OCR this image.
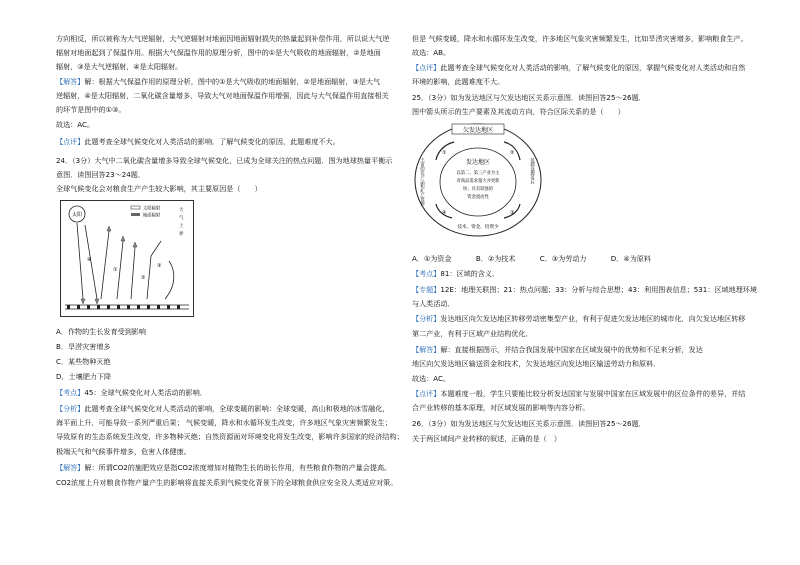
方向相反，所以被称为大气逆辐射，大气逆辐射对地面因地面辐射损失的热量起到补偿作用，所以说大气逆
辐射对地面起到了保温作用。根据大气保温作用的原理分析，图中的①是大气吸收的地面辐射，②是地面
辐射，③是大气逆辐射，④是太阳辐射。
【解答】解：根据大气保温作用的原理分析，图中的①是大气吸收的地面辐射，②是地面辐射，③是大气
逆辐射，④是太阳辐射，二氧化碳含量增多，导致大气对地面保温作用增强，因此与大气保温作用直接相关
的环节是图中的①③。
故选：AC。
【点评】此题考查全球气候变化对人类活动的影响．了解气候变化的原因，此题难度不大。
24．（3分）大气中二氧化碳含量增多导致全球气候变化，已成为全球关注的热点问题．图为地球热量平衡示
意图．读图回答23～24题．
全球气候变化会对粮食生产产生较大影响，其主要原因是（　　）
太阳
太阳辐射
地面辐射
大
气
上
界
①
②
③
④
A．作物的生长发育受到影响
B．旱涝灾害增多
C．某些物种灭绝
D．土壤肥力下降
【考点】45：全球气候变化对人类活动的影响．
【分析】此题考查全球气候变化对人类活动的影响，全球变暖的影响：全球变暖，高山和极地的冰雪融化，
海平面上升，可能导致一系列严重后果； 气候变暖，降水和水循环发生改变，许多地区气象灾害频繁发生；
导致原有的生态系统发生改变，许多物种灭绝；自然资源面对环境变化将发生改变，影响许多国家的经济结构；
极端天气和气候事件增多，危害人体健康。
【解答】解：所谓CO2的施肥效应是指CO2浓度增加对植物生长的助长作用，有些粮食作物的产量会提高。
CO2浓度上升对粮食作物产量产生的影响将直接关系到气候变化背景下的全球粮食供应安全及人类适应对策。
但是 气候变暖，降水和水循环发生改变，许多地区气象灾害频繁发生，比如旱涝灾害增多，影响粮食生产。
故选：AB。
【点评】此题考查全球气候变化对人类活动的影响，了解气候变化的原因，掌握气候变化对人类活动和自然
环境的影响，此题难度不大。
25．（3分）如为发达地区与欠发达地区关系示意图．读图回答25～26题．
图中箭头所示的生产要素及其流动方向，符合区际关系的是（　　）
欠发达地区
发达地区
以第二、第三产业为主
对商品需求量大并更新
快；具有较强的
资金流动性
丰富的农产品和矿产资源	基础设施落后
技术、资金、投资少
①	②
③
④
A．①为资金	B．②为技术	C．③为劳动力	D．④为原料
【考点】81：区域的含义．
【专题】12E：地理关联图；21：热点问题；33：分析与综合思想；43：利用图表信息；531：区域地理环境
与人类活动．
【分析】发达地区向欠发达地区转移劳动密集型产业，有利于促进欠发达地区的城市化．向欠发达地区转移
第二产业，有利于区域产业结构优化．
【解答】解：直接根据图示，并结合我国发展中国家在区域发展中的优势和不足来分析，发达
地区向欠发达地区输送资金和技术，欠发达地区向发达地区输送劳动力和原料．
故选：AC。
【点评】本题难度一般，学生只要能比较分析发达国家与发展中国家在区域发展中的区位条件的差异，并结
合产业转移的基本原理，对区域发展的影响等内容分析。
26．（3分）如为发达地区与欠发达地区关系示意图．读图回答25～26题．
关于两区域间产业转移的叙述，正确的是（　）
